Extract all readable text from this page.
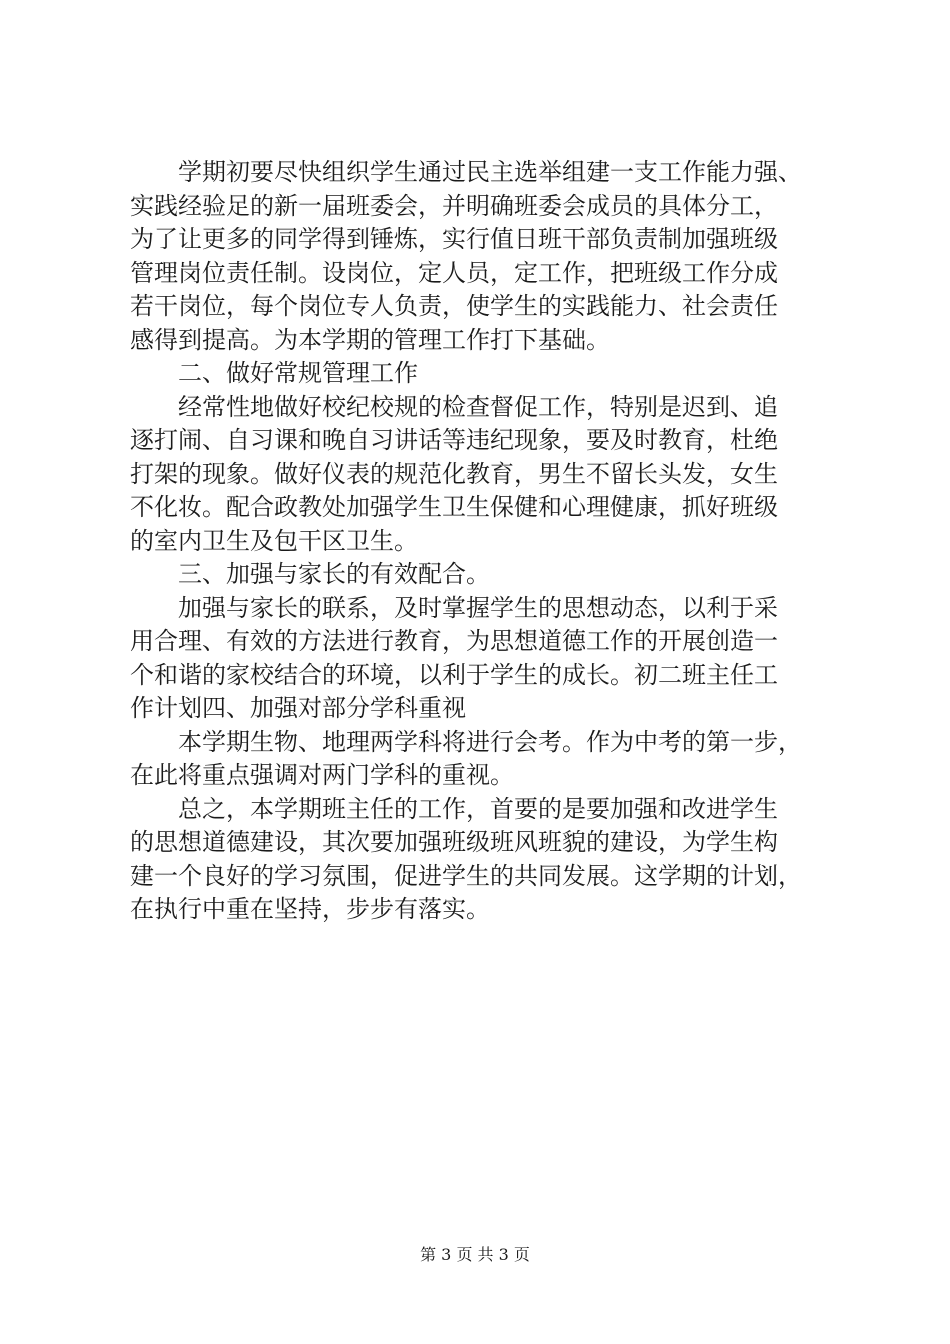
　　学期初要尽快组织学生通过民主选举组建一支工作能力强、
实践经验足的新一届班委会，并明确班委会成员的具体分工，
为了让更多的同学得到锤炼，实行值日班干部负责制加强班级
管理岗位责任制。设岗位，定人员，定工作，把班级工作分成
若干岗位，每个岗位专人负责，使学生的实践能力、社会责任
感得到提高。为本学期的管理工作打下基础。
　　二、做好常规管理工作
　　经常性地做好校纪校规的检查督促工作，特别是迟到、追
逐打闹、自习课和晚自习讲话等违纪现象，要及时教育，杜绝
打架的现象。做好仪表的规范化教育，男生不留长头发，女生
不化妆。配合政教处加强学生卫生保健和心理健康，抓好班级
的室内卫生及包干区卫生。
　　三、加强与家长的有效配合。
　　加强与家长的联系，及时掌握学生的思想动态，以利于采
用合理、有效的方法进行教育，为思想道德工作的开展创造一
个和谐的家校结合的环境，以利于学生的成长。初二班主任工
作计划四、加强对部分学科重视
　　本学期生物、地理两学科将进行会考。作为中考的第一步，
在此将重点强调对两门学科的重视。
　　总之，本学期班主任的工作，首要的是要加强和改进学生
的思想道德建设，其次要加强班级班风班貌的建设，为学生构
建一个良好的学习氛围，促进学生的共同发展。这学期的计划，
在执行中重在坚持，步步有落实。
第 3 页 共 3 页
